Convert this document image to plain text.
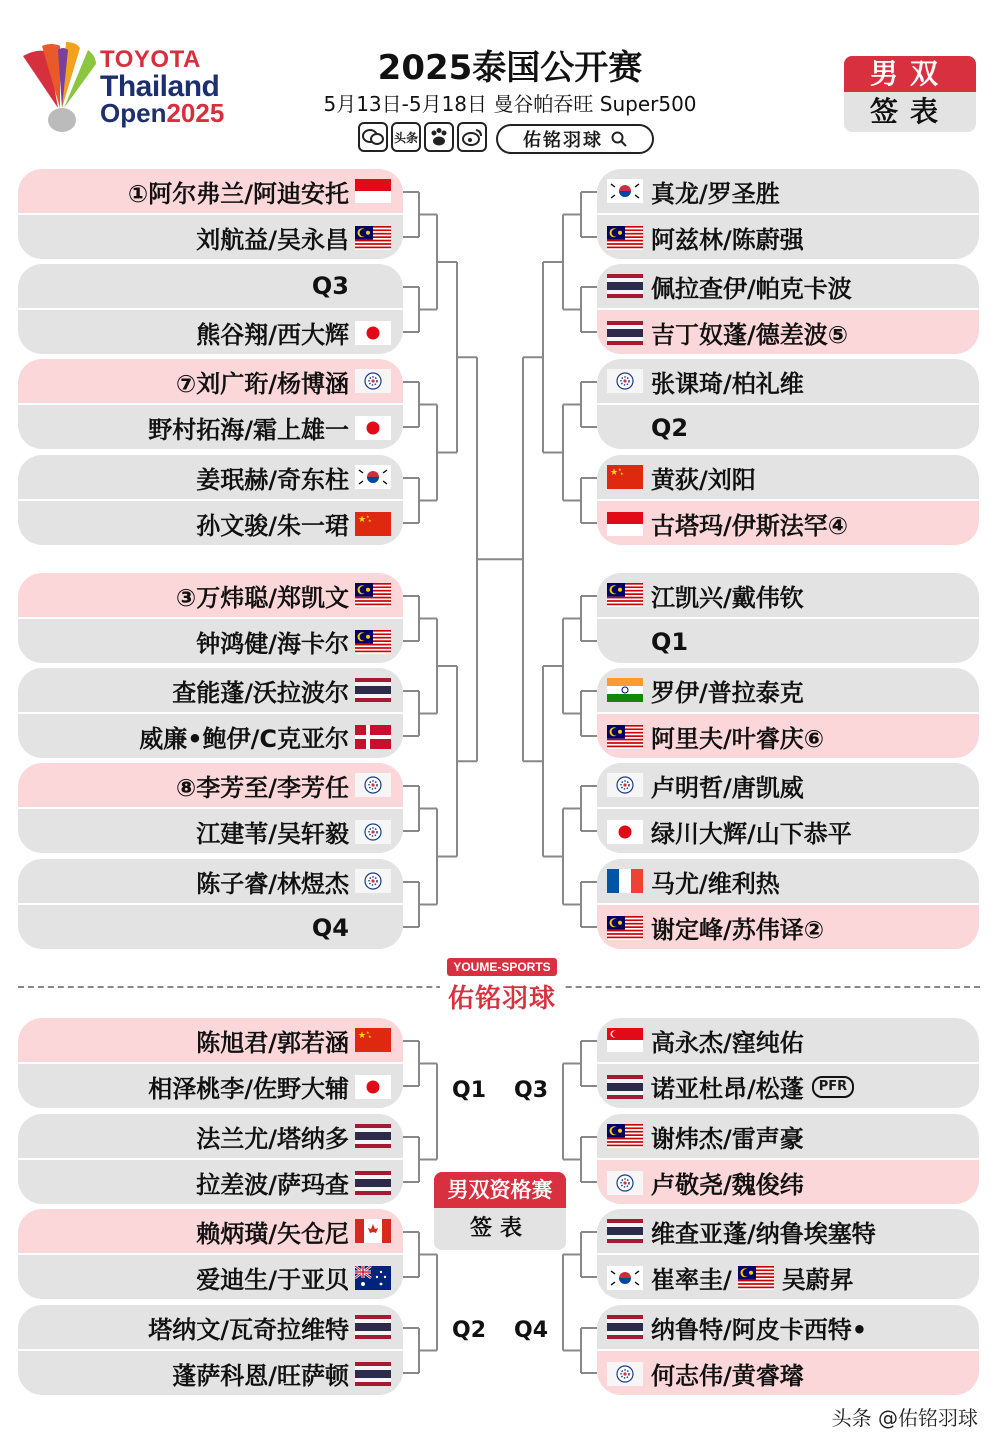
TOYOTA
Thailand
Open2025
2025泰国公开赛
5月13日-5月18日 曼谷帕吞旺 Super500
头条	佑铭羽球
男双
签表
①阿尔弗兰/阿迪安托
刘航益/吴永昌
Q3
熊谷翔/西大辉
⑦刘广珩/杨博涵
野村拓海/霜上雄一
姜珉赫/奇东柱
孙文骏/朱一珺 ★ ★
★
③万炜聪/郑凯文
钟鸿健/海卡尔
查能蓬/沃拉波尔
威廉•鲍伊/C克亚尔
⑧李芳至/李芳任
江建苇/吴轩毅
陈子睿/林煜杰
Q4
真龙/罗圣胜
阿兹林/陈蔚强
佩拉查伊/帕克卡波
吉丁奴蓬/德差波⑤
张课琦/柏礼维
Q2
★ ★
★ 黄荻/刘阳
古塔玛/伊斯法罕④
江凯兴/戴伟钦
Q1
罗伊/普拉泰克
阿里夫/叶睿庆⑥
卢明哲/唐凯威
绿川大辉/山下恭平
马尤/维利热
谢定峰/苏伟译②
陈旭君/郭若涵 ★ ★
★
相泽桃李/佐野大辅
法兰尤/塔纳多
拉差波/萨玛查
赖炳璜/矢仓尼
爱迪生/于亚贝
塔纳文/瓦奇拉维特
蓬萨科恩/旺萨顿
高永杰/窪纯佑
诺亚杜昂/松蓬	PFR
谢炜杰/雷声豪
卢敬尧/魏俊纬
维查亚蓬/纳鲁埃塞特
崔率圭/ 吴蔚昇
纳鲁特/阿皮卡西特•
何志伟/黄睿璿
YOUME-SPORTS
佑铭羽球
Q1 Q3
Q2 Q4
男双资格赛
签表
头条 @佑铭羽球
